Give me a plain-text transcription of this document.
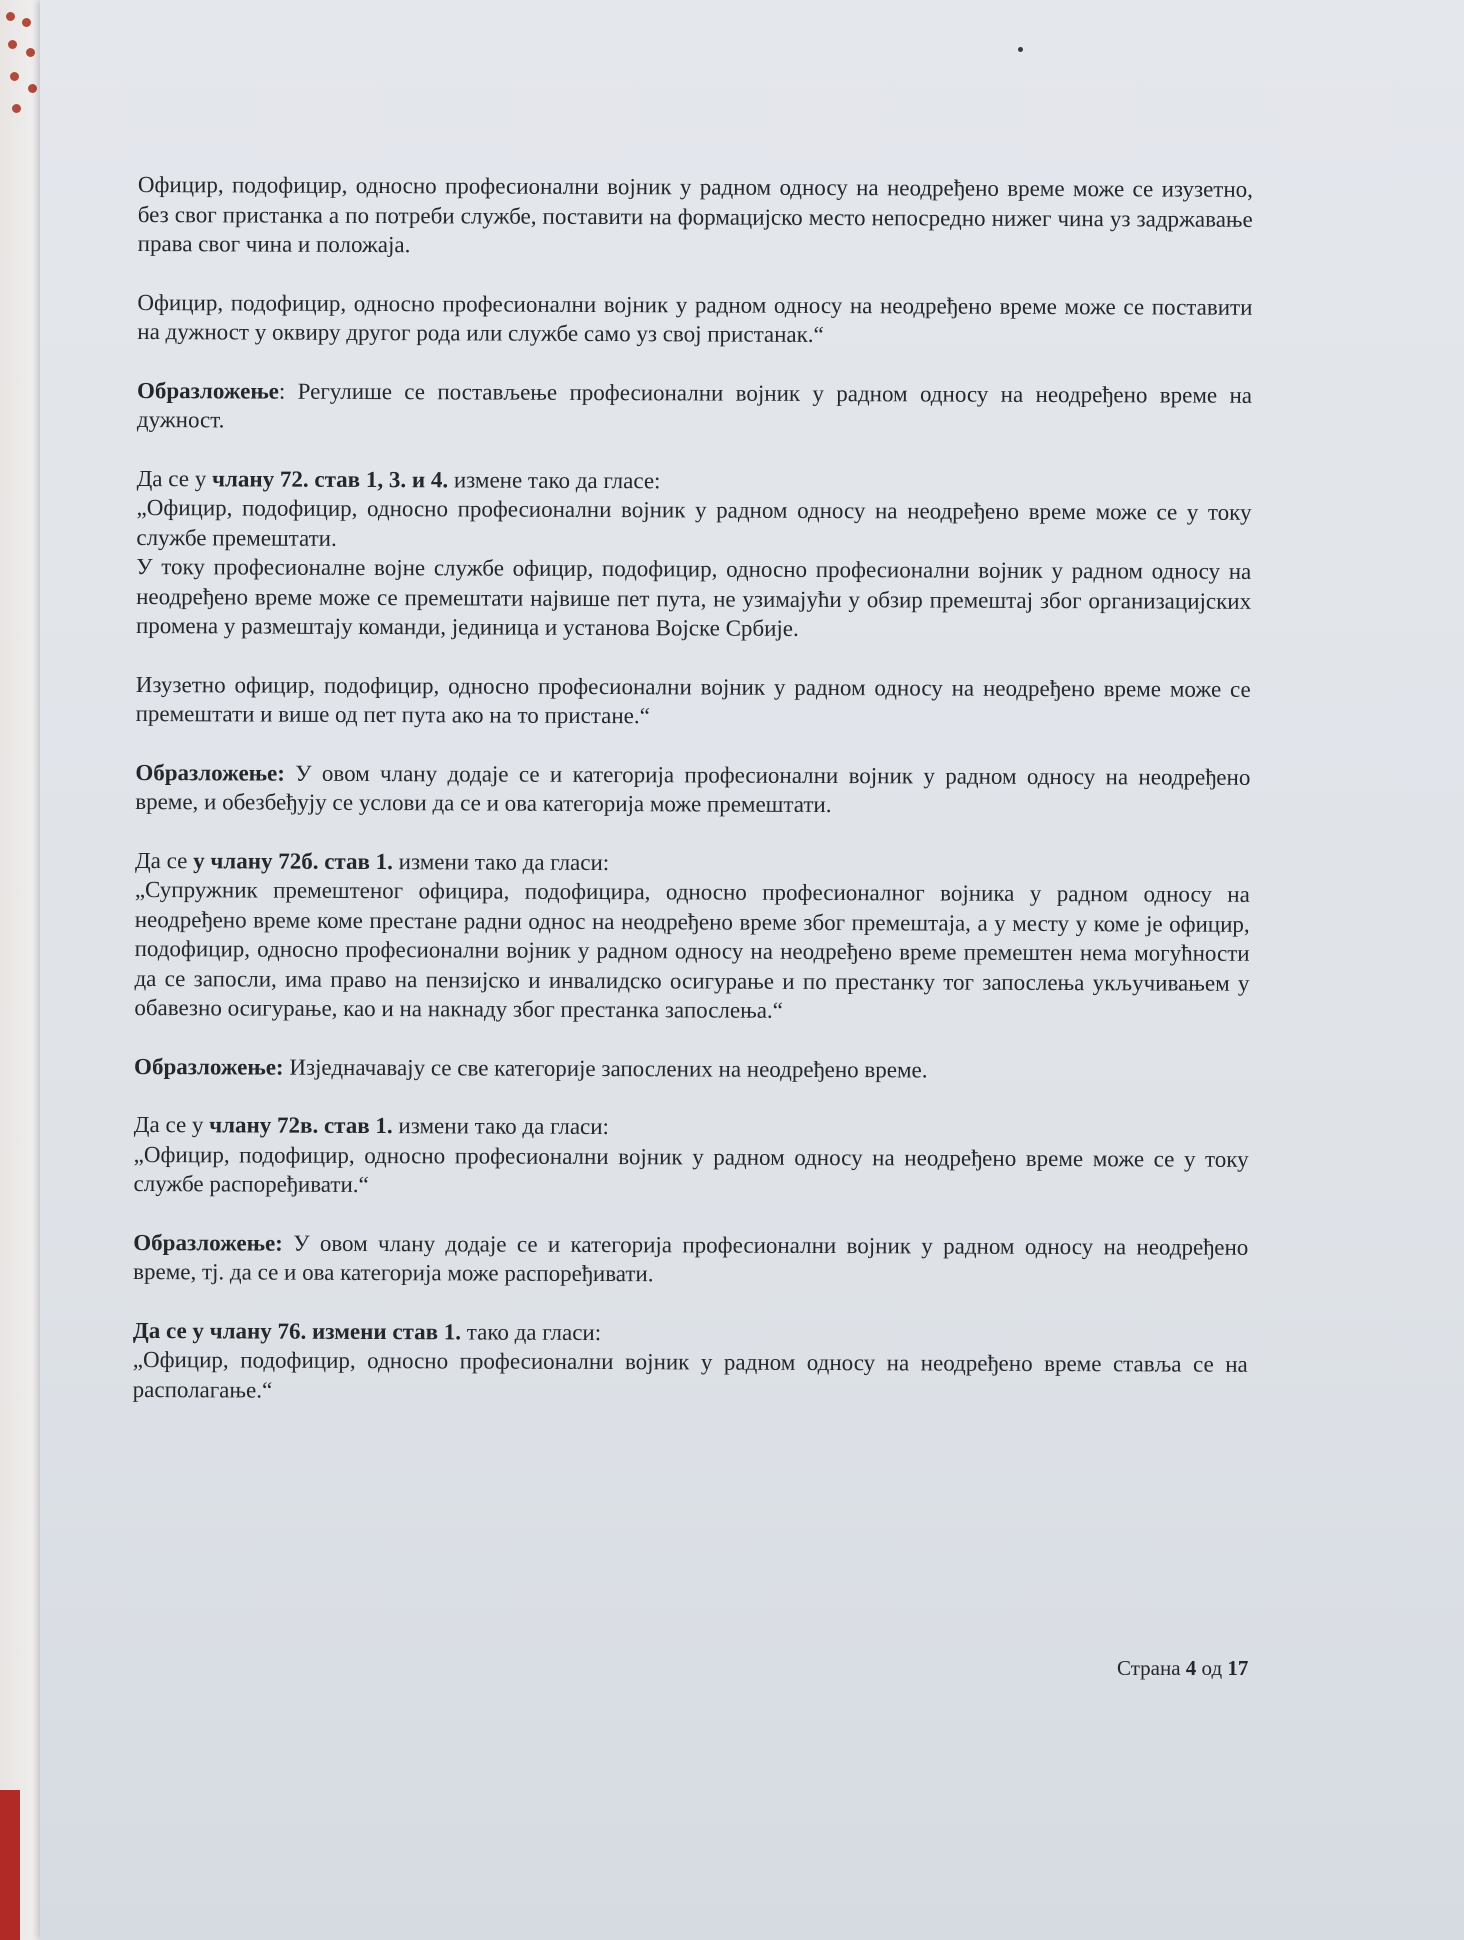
Официр, подофицир, односно професионални војник у радном односу на неодређено време може се изузетно, без свог пристанка а по потреби службе, поставити на формацијско место непосредно нижег чина уз задржавање права свог чина и положаја.

Официр, подофицир, односно професионални војник у радном односу на неодређено време може се поставити на дужност у оквиру другог рода или службе само уз свој пристанак.“

Образложење: Регулише се постављење професионални војник у радном односу на неодређено време на дужност.

Да се у члану 72. став 1, 3. и 4. измене тако да гласе:

„Официр, подофицир, односно професионални војник у радном односу на неодређено време може се у току службе премештати.

У току професионалне војне службе официр, подофицир, односно професионални војник у радном односу на неодређено време може се премештати највише пет пута, не узимајући у обзир премештај због организацијских промена у размештају команди, јединица и установа Војске Србије.

Изузетно официр, подофицир, односно професионални војник у радном односу на неодређено време може се премештати и више од пет пута ако на то пристане.“

Образложење: У овом члану додаје се и категорија професионални војник у радном односу на неодређено време, и обезбеђују се услови да се и ова категорија може премештати.

Да се у члану 72б. став 1. измени тако да гласи:

„Супружник премештеног официра, подофицира, односно професионалног војника у радном односу на неодређено време коме престане радни однос на неодређено време због премештаја, а у месту у коме је официр, подофицир, односно професионални војник у радном односу на неодређено време премештен нема могућности да се запосли, има право на пензијско и инвалидско осигурање и по престанку тог запослења укључивањем у обавезно осигурање, као и на накнаду због престанка запослења.“

Образложење: Изједначавају се све категорије запослених на неодређено време.

Да се у члану 72в. став 1. измени тако да гласи:

„Официр, подофицир, односно професионални војник у радном односу на неодређено време може се у току службе распоређивати.“

Образложење: У овом члану додаје се и категорија професионални војник у радном односу на неодређено време, тј. да се и ова категорија може распоређивати.

Да се у члану 76. измени став 1. тако да гласи:

„Официр, подофицир, односно професионални војник у радном односу на неодређено време ставља се на располагање.“

Страна 4 од 17
